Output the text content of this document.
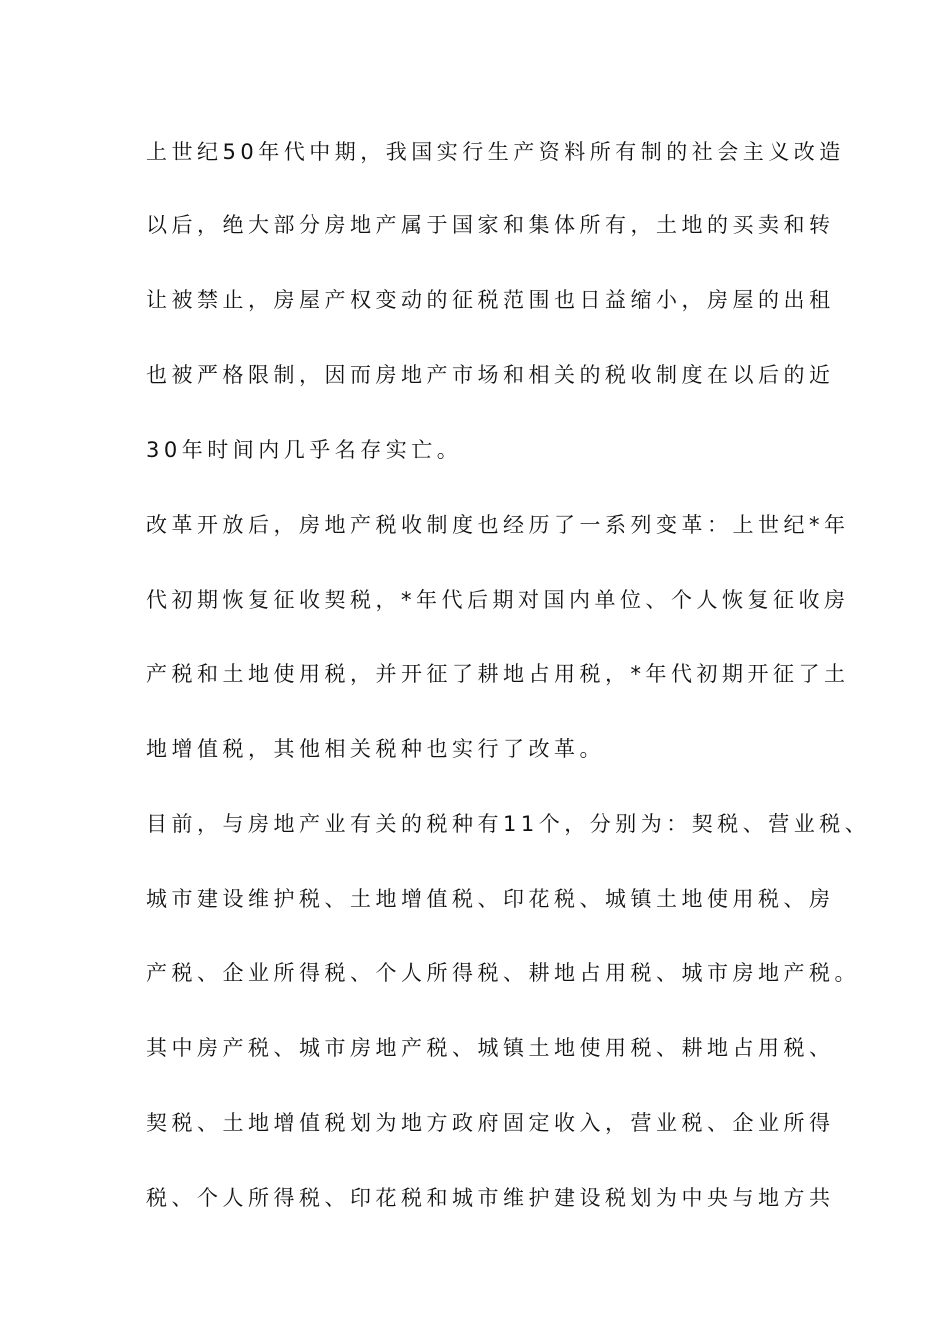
上世纪50年代中期，我国实行生产资料所有制的社会主义改造
以后，绝大部分房地产属于国家和集体所有，土地的买卖和转
让被禁止，房屋产权变动的征税范围也日益缩小，房屋的出租
也被严格限制，因而房地产市场和相关的税收制度在以后的近
30年时间内几乎名存实亡。
改革开放后，房地产税收制度也经历了一系列变革：上世纪*年
代初期恢复征收契税，*年代后期对国内单位、个人恢复征收房
产税和土地使用税，并开征了耕地占用税，*年代初期开征了土
地增值税，其他相关税种也实行了改革。
目前，与房地产业有关的税种有11个，分别为：契税、营业税、
城市建设维护税、土地增值税、印花税、城镇土地使用税、房
产税、企业所得税、个人所得税、耕地占用税、城市房地产税。
其中房产税、城市房地产税、城镇土地使用税、耕地占用税、
契税、土地增值税划为地方政府固定收入，营业税、企业所得
税、个人所得税、印花税和城市维护建设税划为中央与地方共
